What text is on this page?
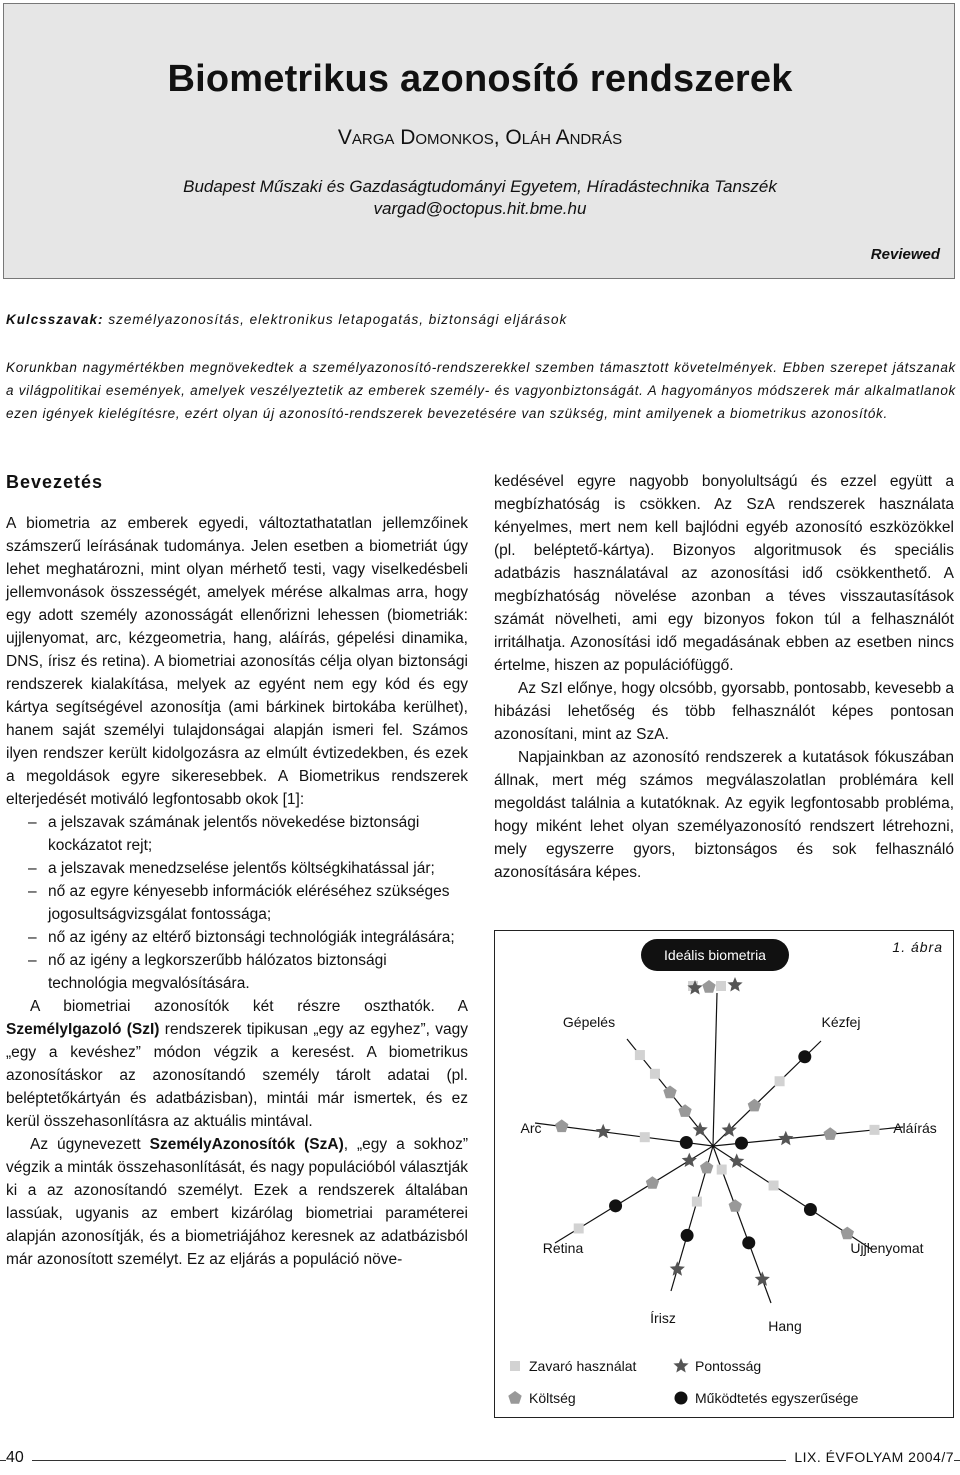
Biometrikus azonosító rendszerek
Varga Domonkos, Oláh András
Budapest Műszaki és Gazdaságtudományi Egyetem, Híradástechnika Tanszék
vargad@octopus.hit.bme.hu
Reviewed
Kulcsszavak: személyazonosítás, elektronikus letapogatás, biztonsági eljárások

Korunkban nagymértékben megnövekedtek a személyazonosító-rendszerekkel szemben támasztott követelmények. Ebben szerepet játszanak a világpolitikai események, amelyek veszélyeztetik az emberek személy- és vagyonbiztonságát. A hagyományos módszerek már alkalmatlanok ezen igények kielégítésre, ezért olyan új azonosító-rendszerek bevezetésére van szükség, mint amilyenek a biometrikus azonosítók.

Bevezetés

A biometria az emberek egyedi, változtathatatlan jellemzőinek számszerű leírásának tudománya. Jelen esetben a biometriát úgy lehet meghatározni, mint olyan mérhető testi, vagy viselkedésbeli jellemvonások összességét, amelyek mérése alkalmas arra, hogy egy adott személy azonosságát ellenőrizni lehessen (biometriák: ujjlenyomat, arc, kézgeometria, hang, aláírás, gépelési dinamika, DNS, írisz és retina). A biometriai azonosítás célja olyan biztonsági rendszerek kialakítása, melyek az egyént nem egy kód és egy kártya segítségével azonosítja (ami bárkinek birtokába kerülhet), hanem saját személyi tulajdonságai alapján ismeri fel. Számos ilyen rendszer került kidolgozásra az elmúlt évtizedekben, és ezek a megoldások egyre sikeresebbek. A Biometrikus rendszerek elterjedését motiváló legfontosabb okok [1]:

– a jelszavak számának jelentős növekedése biztonsági kockázatot rejt;
– a jelszavak menedzselése jelentős költségkihatással jár;
– nő az egyre kényesebb információk eléréséhez szükséges jogosultságvizsgálat fontossága;
– nő az igény az eltérő biztonsági technológiák integrálására;
– nő az igény a legkorszerűbb hálózatos biztonsági technológia megvalósítására.

A biometriai azonosítók két részre oszthatók. A SzemélyIgazoló (SzI) rendszerek tipikusan „egy az egyhez”, vagy „egy a kevéshez” módon végzik a keresést. A biometrikus azonosításkor az azonosítandó személy tárolt adatai (pl. beléptetőkártyán és adatbázisban), mintái már ismertek, és ez kerül összehasonlításra az aktuális mintával.

Az úgynevezett SzemélyAzonosítók (SzA), „egy a sokhoz” végzik a minták összehasonlítását, és nagy populációból választják ki a az azonosítandó személyt. Ezek a rendszerek általában lassúak, ugyanis az embert kizárólag biometriai paraméterei alapján azonosítják, és a biometriájához keresnek az adatbázisból már azonosított személyt. Ez az eljárás a populáció növe-

kedésével egyre nagyobb bonyolultságú és ezzel együtt a megbízhatóság is csökken. Az SzA rendszerek használata kényelmes, mert nem kell bajlódni egyéb azonosító eszközökkel (pl. beléptető-kártya). Bizonyos algoritmusok és speciális adatbázis használatával az azonosítási idő csökkenthető. A megbízhatóság növelése azonban a téves visszautasítások számát növelheti, ami egy bizonyos fokon túl a felhasználót irritálhatja. Azonosítási idő megadásának ebben az esetben nincs értelme, hiszen az populációfüggő.

Az SzI előnye, hogy olcsóbb, gyorsabb, pontosabb, kevesebb a hibázási lehetőség és több felhasználót képes pontosan azonosítani, mint az SzA.

Napjainkban az azonosító rendszerek a kutatások fókuszában állnak, mert még számos megválaszolatlan problémára kell megoldást találnia a kutatóknak. Az egyik legfontosabb probléma, hogy miként lehet olyan személyazonosító rendszert létrehozni, mely egyszerre gyors, biztonságos és sok felhasználó azonosítására képes.

1. ábra
Ideális biometria
Gépelés	Kézfej
Arc	Aláírás
Retina	Ujjlenyomat
Írisz	Hang
Zavaró használat	Pontosság
Költség	Működtetés egyszerűsége
40	LIX. ÉVFOLYAM 2004/7
